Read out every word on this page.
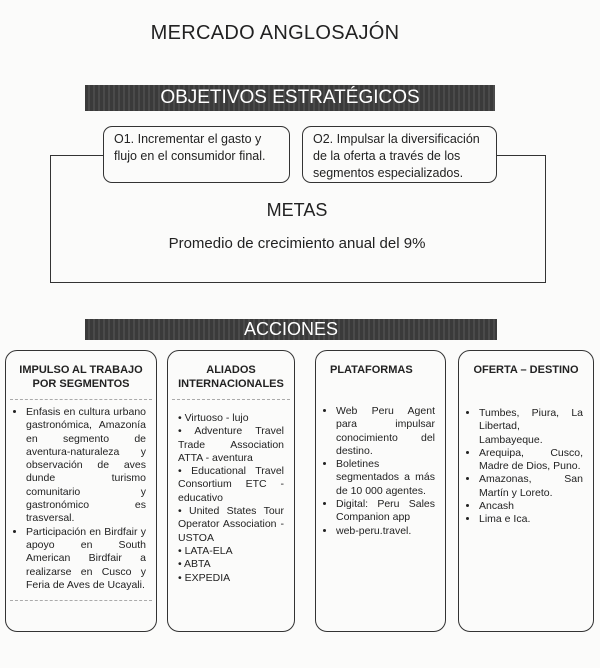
MERCADO ANGLOSAJÓN
OBJETIVOS ESTRATÉGICOS
O1. Incrementar el gasto y flujo en el consumidor final.
O2. Impulsar la diversificación de la oferta a través de los segmentos especializados.
METAS
Promedio de crecimiento anual del 9%
ACCIONES
IMPULSO AL TRABAJO POR SEGMENTOS
• Enfasis en cultura urbano gastronómica, Amazonía en segmento de aventura-naturaleza y observación de aves dunde turismo comunitario y gastronómico es trasversal.
• Participación en Birdfair y apoyo en South American Birdfair a realizarse en Cusco y Feria de Aves de Ucayali.
ALIADOS INTERNACIONALES
• Virtuoso - lujo
• Adventure Travel Trade Association ATTA - aventura
• Educational Travel Consortium ETC - educativo
• United States Tour Operator Association - USTOA
• LATA-ELA
• ABTA
• EXPEDIA
PLATAFORMAS
• Web Peru Agent para impulsar conocimiento del destino.
• Boletines segmentados a más de 10 000 agentes.
• Digital: Peru Sales Companion app
• web-peru.travel.
OFERTA – DESTINO
• Tumbes, Piura, La Libertad, Lambayeque.
• Arequipa, Cusco, Madre de Dios, Puno.
• Amazonas, San Martín y Loreto.
• Ancash
• Lima e Ica.
